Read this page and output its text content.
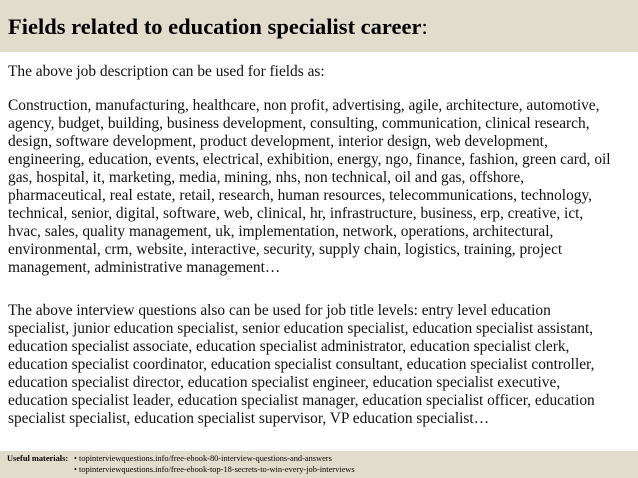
Fields related to education specialist career:
The above job description can be used for fields as:
Construction, manufacturing, healthcare, non profit, advertising, agile, architecture, automotive,
agency, budget, building, business development, consulting, communication, clinical research,
design, software development, product development, interior design, web development,
engineering, education, events, electrical, exhibition, energy, ngo, finance, fashion, green card, oil
gas, hospital, it, marketing, media, mining, nhs, non technical, oil and gas, offshore,
pharmaceutical, real estate, retail, research, human resources, telecommunications, technology,
technical, senior, digital, software, web, clinical, hr, infrastructure, business, erp, creative, ict,
hvac, sales, quality management, uk, implementation, network, operations, architectural,
environmental, crm, website, interactive, security, supply chain, logistics, training, project
management, administrative management…
The above interview questions also can be used for job title levels: entry level education
specialist, junior education specialist, senior education specialist, education specialist assistant,
education specialist associate, education specialist administrator, education specialist clerk,
education specialist coordinator, education specialist consultant, education specialist controller,
education specialist director, education specialist engineer, education specialist executive,
education specialist leader, education specialist manager, education specialist officer, education
specialist specialist, education specialist supervisor, VP education specialist…
Useful materials: • topinterviewquestions.info/free-ebook-80-interview-questions-and-answers
• topinterviewquestions.info/free-ebook-top-18-secrets-to-win-every-job-interviews
